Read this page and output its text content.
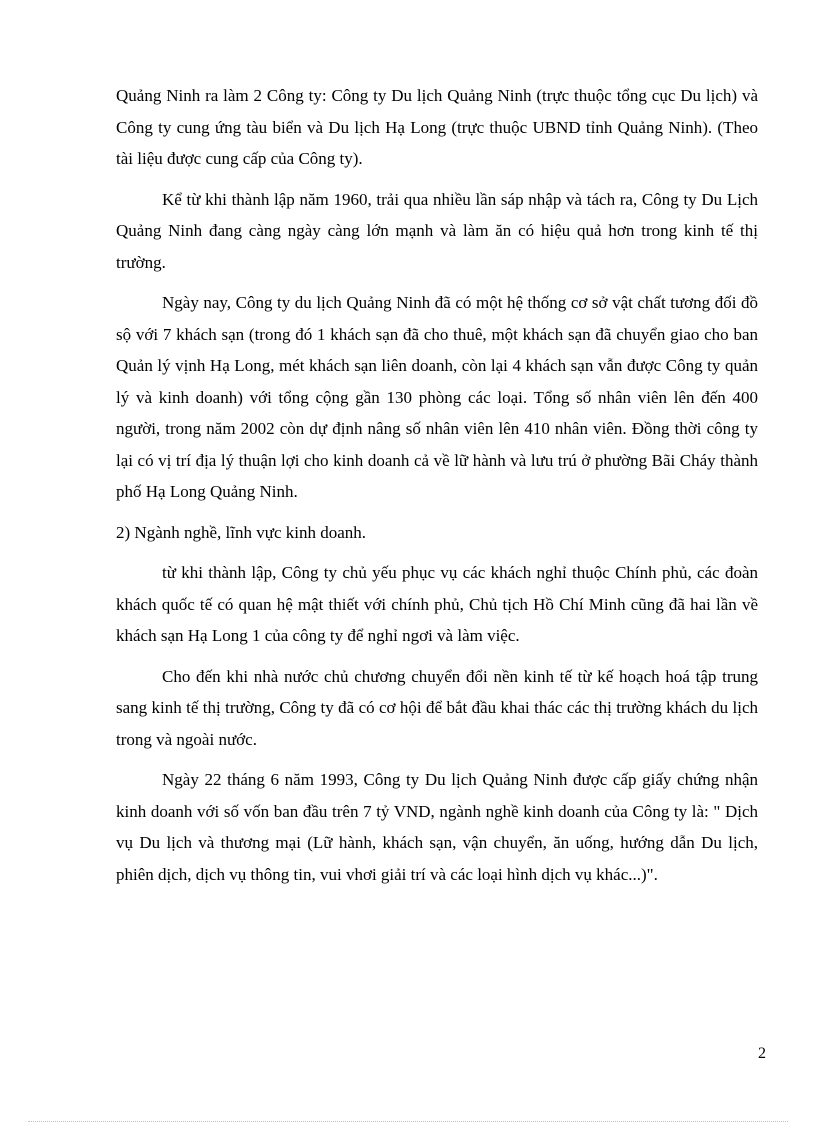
Quảng Ninh ra làm 2 Công ty: Công ty Du lịch Quảng Ninh (trực thuộc tổng cục Du lịch) và Công ty cung ứng tàu biển và Du lịch Hạ Long (trực thuộc UBND tỉnh Quảng Ninh). (Theo tài liệu được cung cấp của Công ty).

Kể từ khi thành lập năm 1960, trải qua nhiều lần sáp nhập và tách ra, Công ty Du Lịch Quảng Ninh đang càng ngày càng lớn mạnh và làm ăn có hiệu quả hơn trong kinh tế thị trường.

Ngày nay, Công ty du lịch Quảng Ninh đã có một hệ thống cơ sở vật chất tương đối đồ sộ với 7 khách sạn (trong đó 1 khách sạn đã cho thuê, một khách sạn đã chuyển giao cho ban Quản lý vịnh Hạ Long, mét khách sạn liên doanh, còn lại 4 khách sạn vẫn được Công ty quản lý và kinh doanh) với tổng cộng gần 130 phòng các loại. Tổng số nhân viên lên đến 400 người, trong năm 2002 còn dự định nâng số nhân viên lên 410 nhân viên. Đồng thời công ty lại có vị trí địa lý thuận lợi cho kinh doanh cả về lữ hành và lưu trú ở phường Bãi Cháy thành phố Hạ Long Quảng Ninh.

2) Ngành nghề, lĩnh vực kinh doanh.

từ khi thành lập, Công ty chủ yếu phục vụ các khách nghỉ thuộc Chính phủ, các đoàn khách quốc tế có quan hệ mật thiết với chính phủ, Chủ tịch Hồ Chí Minh cũng đã hai lần về khách sạn Hạ Long 1 của công ty để nghỉ ngơi và làm việc.

Cho đến khi nhà nước chủ chương chuyển đổi nền kinh tế từ kế hoạch hoá tập trung sang kinh tế thị trường, Công ty đã có cơ hội để bắt đầu khai thác các thị trường khách du lịch trong và ngoài nước.

Ngày 22 tháng 6 năm 1993, Công ty Du lịch Quảng Ninh được cấp giấy chứng nhận kinh doanh với số vốn ban đầu trên 7 tỷ VND, ngành nghề kinh doanh của Công ty là: " Dịch vụ Du lịch và thương mại (Lữ hành, khách sạn, vận chuyển, ăn uống, hướng dẫn Du lịch, phiên dịch, dịch vụ thông tin, vui vhơi giải trí và các loại hình dịch vụ khác...)".

2
